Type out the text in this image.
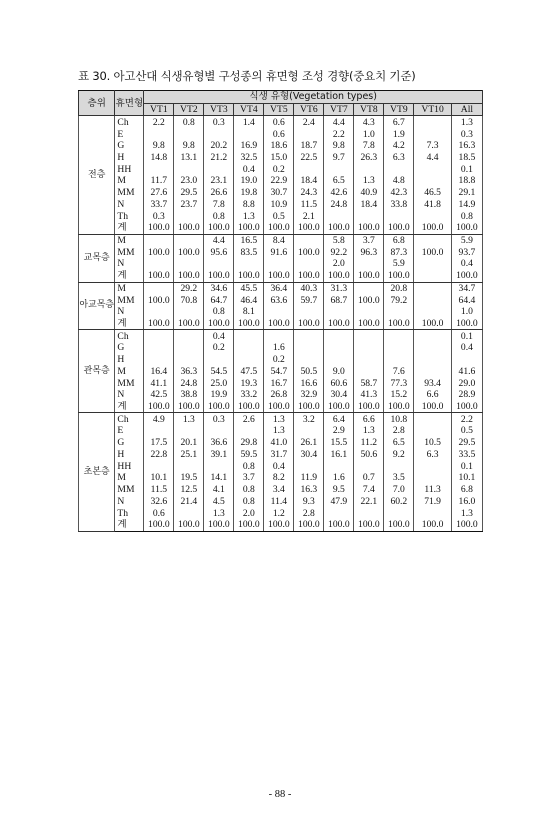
표 30. 아고산대 식생유형별 구성종의 휴면형 조성 경향(중요치 기준)
층위	휴면형	식생 유형(Vegetation types)										
		VT1	VT2	VT3	VT4	VT5	VT6	VT7	VT8	VT9	VT10	All
전층	Ch	2.2	0.8	0.3	1.4	0.6	2.4	4.4	4.3	6.7		1.3
	E					0.6		2.2	1.0	1.9		0.3
	G	9.8	9.8	20.2	16.9	18.6	18.7	9.8	7.8	4.2	7.3	16.3
	H	14.8	13.1	21.2	32.5	15.0	22.5	9.7	26.3	6.3	4.4	18.5
	HH				0.4	0.2						0.1
	M	11.7	23.0	23.1	19.0	22.9	18.4	6.5	1.3	4.8		18.8
	MM	27.6	29.5	26.6	19.8	30.7	24.3	42.6	40.9	42.3	46.5	29.1
	N	33.7	23.7	7.8	8.8	10.9	11.5	24.8	18.4	33.8	41.8	14.9
	Th	0.3		0.8	1.3	0.5	2.1					0.8
	계	100.0	100.0	100.0	100.0	100.0	100.0	100.0	100.0	100.0	100.0	100.0
교목층	M			4.4	16.5	8.4		5.8	3.7	6.8		5.9
	MM	100.0	100.0	95.6	83.5	91.6	100.0	92.2	96.3	87.3	100.0	93.7
	N							2.0		5.9		0.4
	계	100.0	100.0	100.0	100.0	100.0	100.0	100.0	100.0	100.0		100.0
아교목층	M		29.2	34.6	45.5	36.4	40.3	31.3		20.8		34.7
	MM	100.0	70.8	64.7	46.4	63.6	59.7	68.7	100.0	79.2		64.4
	N			0.8	8.1							1.0
	계	100.0	100.0	100.0	100.0	100.0	100.0	100.0	100.0	100.0	100.0	100.0
관목층	Ch			0.4								0.1
	G			0.2		1.6						0.4
	H					0.2						
	M	16.4	36.3	54.5	47.5	54.7	50.5	9.0		7.6		41.6
	MM	41.1	24.8	25.0	19.3	16.7	16.6	60.6	58.7	77.3	93.4	29.0
	N	42.5	38.8	19.9	33.2	26.8	32.9	30.4	41.3	15.2	6.6	28.9
	계	100.0	100.0	100.0	100.0	100.0	100.0	100.0	100.0	100.0	100.0	100.0
초본층	Ch	4.9	1.3	0.3	2.6	1.3	3.2	6.4	6.6	10.8		2.2
	E					1.3		2.9	1.3	2.8		0.5
	G	17.5	20.1	36.6	29.8	41.0	26.1	15.5	11.2	6.5	10.5	29.5
	H	22.8	25.1	39.1	59.5	31.7	30.4	16.1	50.6	9.2	6.3	33.5
	HH				0.8	0.4						0.1
	M	10.1	19.5	14.1	3.7	8.2	11.9	1.6	0.7	3.5		10.1
	MM	11.5	12.5	4.1	0.8	3.4	16.3	9.5	7.4	7.0	11.3	6.8
	N	32.6	21.4	4.5	0.8	11.4	9.3	47.9	22.1	60.2	71.9	16.0
	Th	0.6		1.3	2.0	1.2	2.8					1.3
	계	100.0	100.0	100.0	100.0	100.0	100.0	100.0	100.0	100.0	100.0	100.0
- 88 -
